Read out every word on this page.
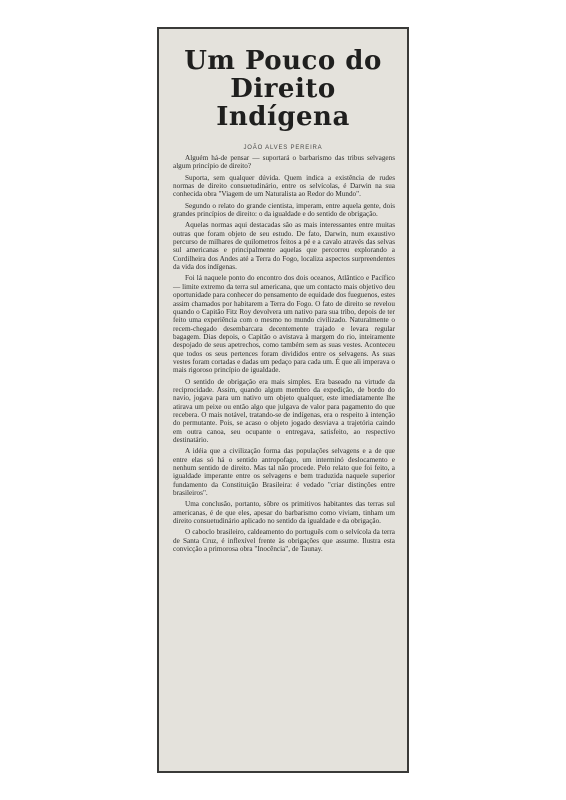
Um Pouco do
Direito Indígena
JOÃO ALVES PEREIRA

Alguém há-de pensar — suportará o barbarismo das tribus selvagens algum princípio de direito?

Suporta, sem qualquer dúvida. Quem indica a existência de rudes normas de direito consuetudinário, entre os selvícolas, é Darwin na sua conhecida obra "Viagem de um Naturalista ao Redor do Mundo".

Segundo o relato do grande cientista, imperam, entre aquela gente, dois grandes princípios de direito: o da igualdade e do sentido de obrigação.

Aquelas normas aqui destacadas são as mais interessantes entre muitas outras que foram objeto de seu estudo. De fato, Darwin, num exaustivo percurso de milhares de quilometros feitos a pé e a cavalo através das selvas sul americanas e principalmente aquelas que percorreu explorando a Cordilheira dos Andes até a Terra do Fogo, localiza aspectos surpreendentes da vida dos indígenas.

Foi lá naquele ponto do encontro dos dois oceanos, Atlântico e Pacífico — limite extremo da terra sul americana, que um contacto mais objetivo deu oportunidade para conhecer do pensamento de equidade dos fueguenos, estes assim chamados por habitarem a Terra do Fogo. O fato de direito se revelou quando o Capitão Fitz Roy devolvera um nativo para sua tribo, depois de ter feito uma experiência com o mesmo no mundo civilizado. Naturalmente o recem-chegado desembarcara decentemente trajado e levara regular bagagem. Dias depois, o Capitão o avistava à margem do rio, inteiramente despojado de seus apetrechos, como também sem as suas vestes. Aconteceu que todos os seus pertences foram divididos entre os selvagens. As suas vestes foram cortadas e dadas um pedaço para cada um. É que ali imperava o mais rigoroso princípio de igualdade.

O sentido de obrigação era mais simples. Era baseado na virtude da reciprocidade. Assim, quando algum membro da expedição, de bordo do navio, jogava para um nativo um objeto qualquer, este imediatamente lhe atirava um peixe ou então algo que julgava de valor para pagamento do que recebera. O mais notável, tratando-se de indígenas, era o respeito à intenção do permutante. Pois, se acaso o objeto jogado desviava a trajetória caindo em outra canoa, seu ocupante o entregava, satisfeito, ao respectivo destinatário.

A idéia que a civilização forma das populações selvagens e a de que entre elas só há o sentido antropofago, um interminó deslocamento e nenhum sentido de direito. Mas tal não procede. Pelo relato que foi feito, a igualdade imperante entre os selvagens e bem traduzida naquele superior fundamento da Constituição Brasileira: é vedado "criar distinções entre brasileiros".

Uma conclusão, portanto, sôbre os primitivos habitantes das terras sul americanas, é de que eles, apesar do barbarismo como viviam, tinham um direito consuetudinário aplicado no sentido da igualdade e da obrigação.

O caboclo brasileiro, caldeamento do português com o selvícola da terra de Santa Cruz, é inflexível frente às obrigações que assume. Ilustra esta convicção a primorosa obra "Inocência", de Taunay.
